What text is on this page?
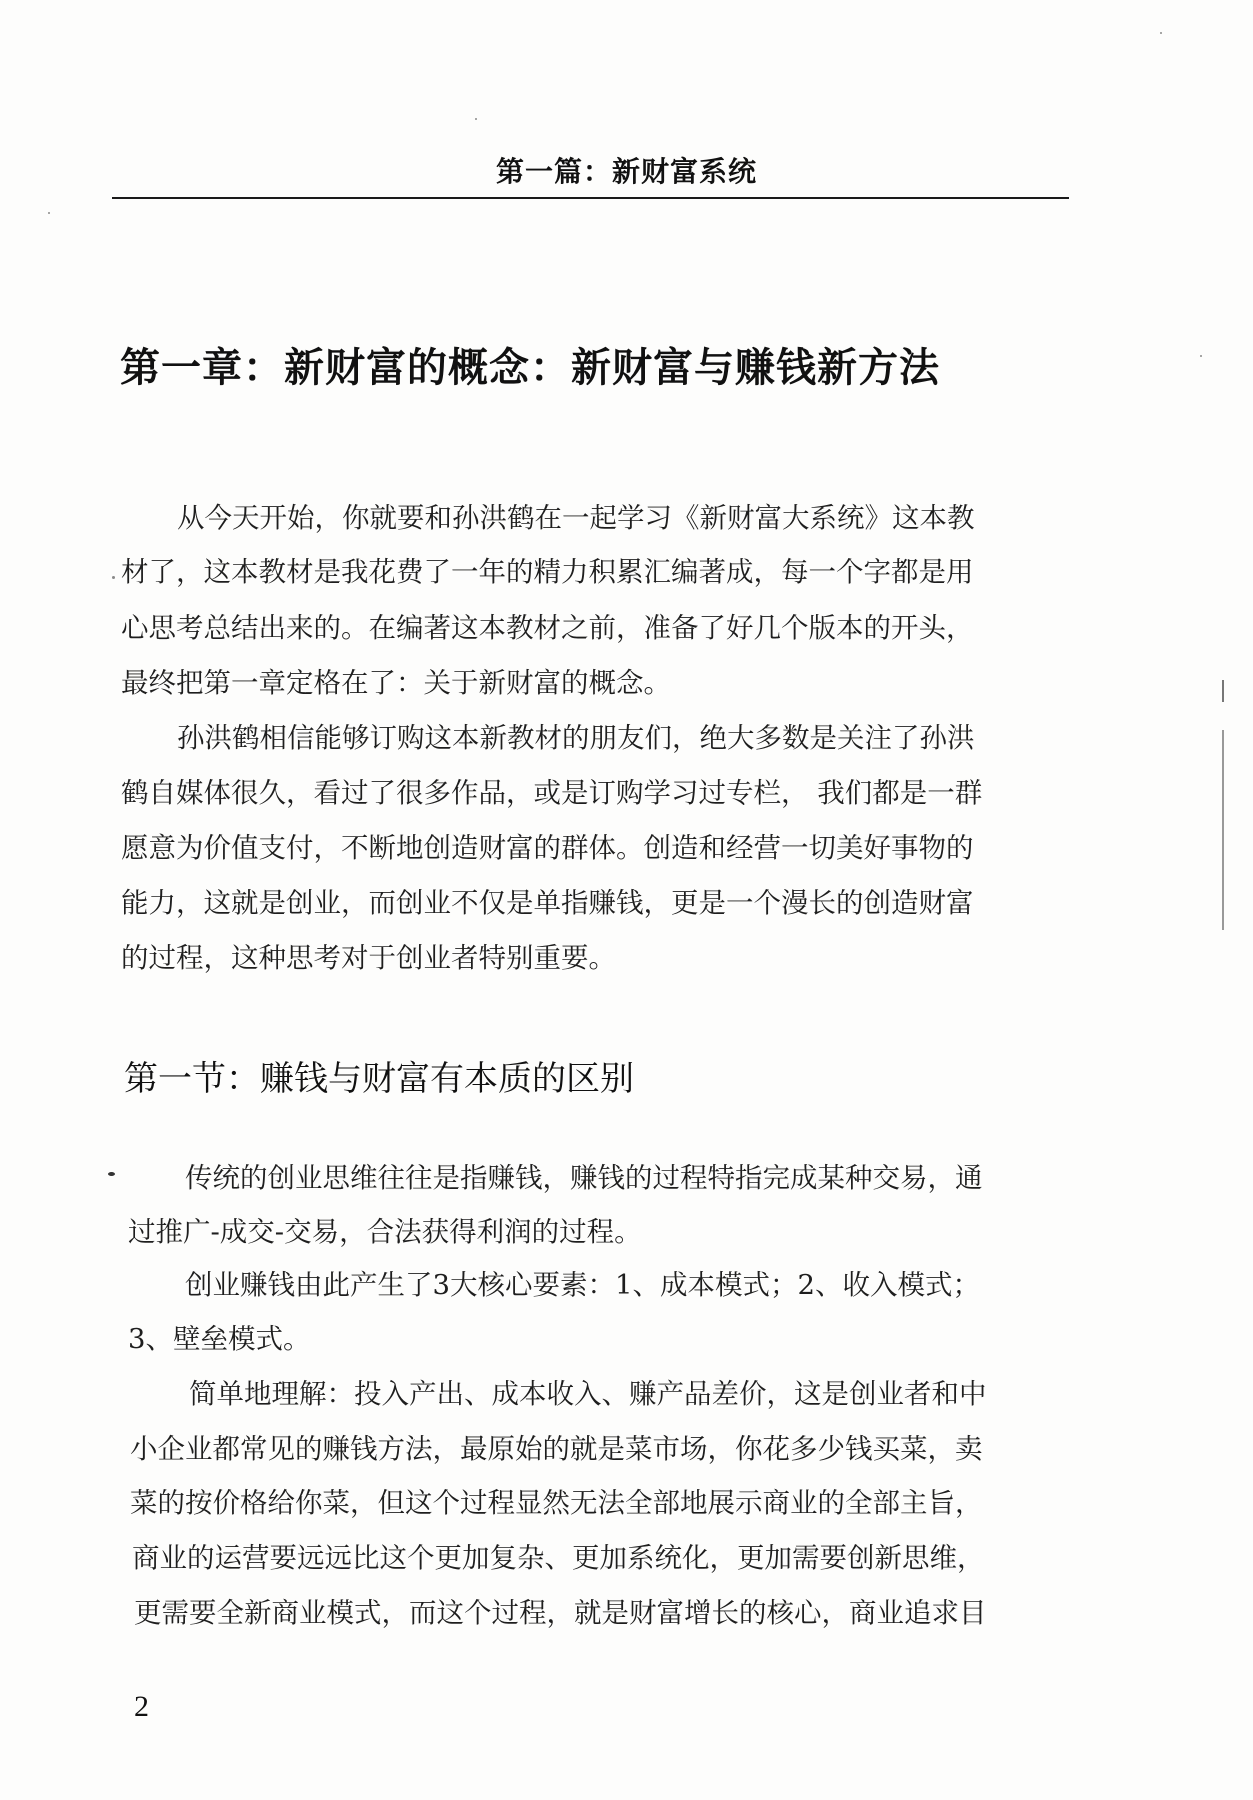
第一篇：新财富系统
第一章：新财富的概念：新财富与赚钱新方法
从今天开始，你就要和孙洪鹤在一起学习《新财富大系统》这本教
材了，这本教材是我花费了一年的精力积累汇编著成，每一个字都是用
心思考总结出来的。在编著这本教材之前，准备了好几个版本的开头，
最终把第一章定格在了：关于新财富的概念。
孙洪鹤相信能够订购这本新教材的朋友们，绝大多数是关注了孙洪
鹤自媒体很久，看过了很多作品，或是订购学习过专栏， 我们都是一群
愿意为价值支付，不断地创造财富的群体。创造和经营一切美好事物的
能力，这就是创业，而创业不仅是单指赚钱，更是一个漫长的创造财富
的过程，这种思考对于创业者特别重要。
第一节：赚钱与财富有本质的区别
传统的创业思维往往是指赚钱，赚钱的过程特指完成某种交易，通
过推广-成交-交易，合法获得利润的过程。
创业赚钱由此产生了3大核心要素：1、成本模式；2、收入模式；
3、壁垒模式。
简单地理解：投入产出、成本收入、赚产品差价，这是创业者和中
小企业都常见的赚钱方法，最原始的就是菜市场，你花多少钱买菜，卖
菜的按价格给你菜，但这个过程显然无法全部地展示商业的全部主旨，
商业的运营要远远比这个更加复杂、更加系统化，更加需要创新思维，
更需要全新商业模式，而这个过程，就是财富增长的核心，商业追求目
2
